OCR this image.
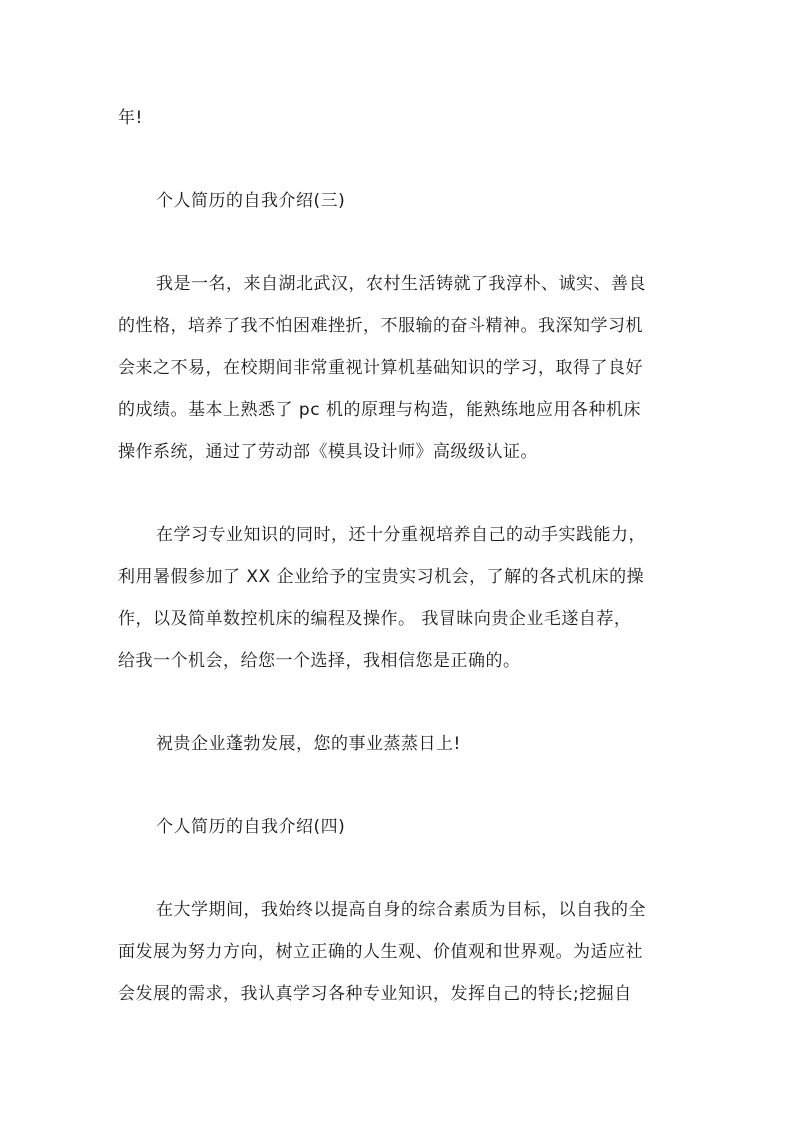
年!
个人简历的自我介绍(三)
我是一名，来自湖北武汉，农村生活铸就了我淳朴、诚实、善良
的性格，培养了我不怕困难挫折，不服输的奋斗精神。我深知学习机
会来之不易，在校期间非常重视计算机基础知识的学习，取得了良好
的成绩。基本上熟悉了 pc 机的原理与构造，能熟练地应用各种机床
操作系统，通过了劳动部《模具设计师》高级级认证。
在学习专业知识的同时，还十分重视培养自己的动手实践能力，
利用暑假参加了 XX 企业给予的宝贵实习机会，了解的各式机床的操
作，以及简单数控机床的编程及操作。 我冒昧向贵企业毛遂自荐，
给我一个机会，给您一个选择，我相信您是正确的。
祝贵企业蓬勃发展，您的事业蒸蒸日上!
个人简历的自我介绍(四)
在大学期间，我始终以提高自身的综合素质为目标，以自我的全
面发展为努力方向，树立正确的人生观、价值观和世界观。为适应社
会发展的需求，我认真学习各种专业知识，发挥自己的特长;挖掘自
